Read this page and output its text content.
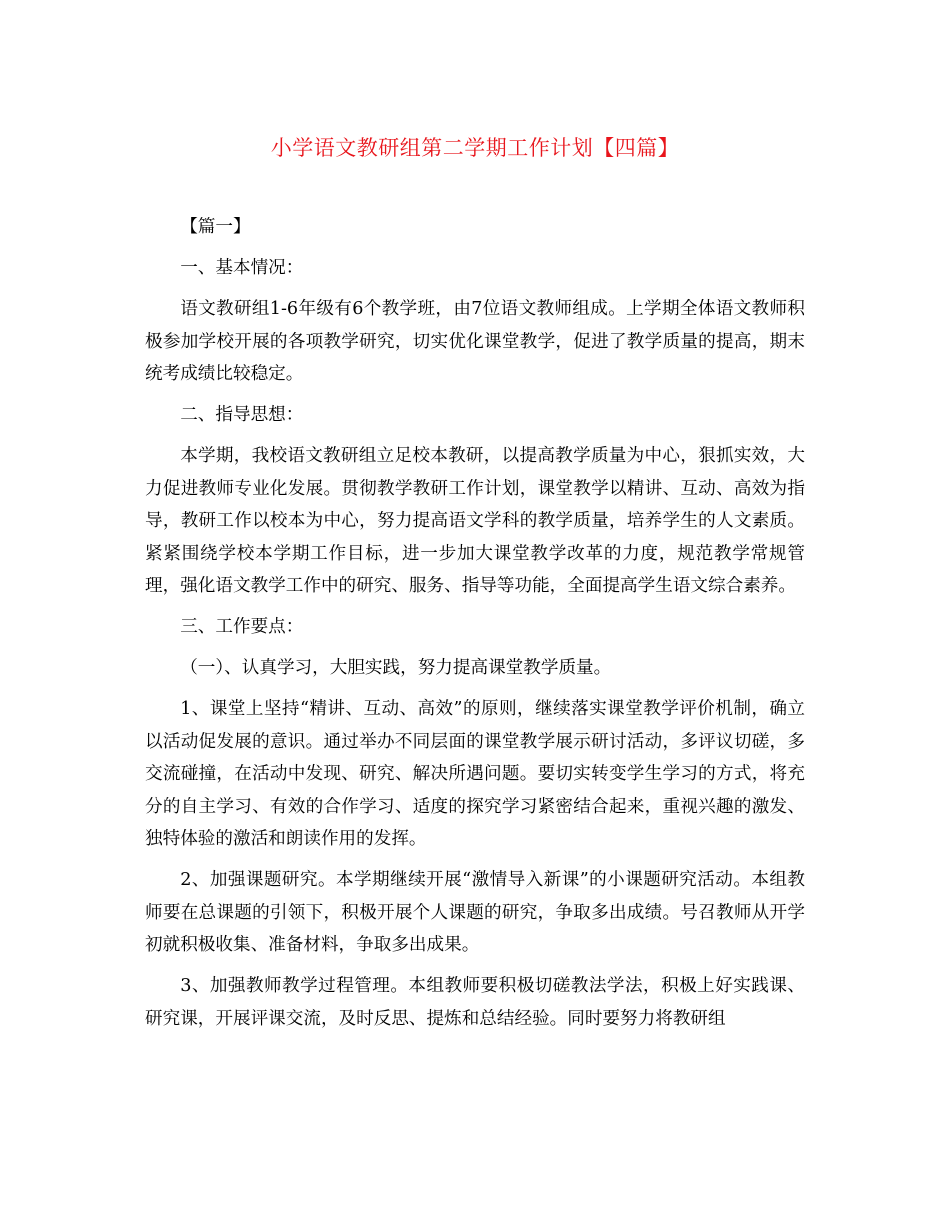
小学语文教研组第二学期工作计划【四篇】

【篇一】

一、基本情况：

语文教研组1-6年级有6个教学班，由7位语文教师组成。上学期全体语文教师积极参加学校开展的各项教学研究，切实优化课堂教学，促进了教学质量的提高，期末统考成绩比较稳定。

二、指导思想：

本学期，我校语文教研组立足校本教研，以提高教学质量为中心，狠抓实效，大力促进教师专业化发展。贯彻教学教研工作计划，课堂教学以精讲、互动、高效为指导，教研工作以校本为中心，努力提高语文学科的教学质量，培养学生的人文素质。紧紧围绕学校本学期工作目标，进一步加大课堂教学改革的力度，规范教学常规管理，强化语文教学工作中的研究、服务、指导等功能，全面提高学生语文综合素养。

三、工作要点：

（一）、认真学习，大胆实践，努力提高课堂教学质量。

1、课堂上坚持“精讲、互动、高效”的原则，继续落实课堂教学评价机制，确立以活动促发展的意识。通过举办不同层面的课堂教学展示研讨活动，多评议切磋，多交流碰撞，在活动中发现、研究、解决所遇问题。要切实转变学生学习的方式，将充分的自主学习、有效的合作学习、适度的探究学习紧密结合起来，重视兴趣的激发、独特体验的激活和朗读作用的发挥。

2、加强课题研究。本学期继续开展“激情导入新课”的小课题研究活动。本组教师要在总课题的引领下，积极开展个人课题的研究，争取多出成绩。号召教师从开学初就积极收集、准备材料，争取多出成果。

3、加强教师教学过程管理。本组教师要积极切磋教法学法，积极上好实践课、研究课，开展评课交流，及时反思、提炼和总结经验。同时要努力将教研组
